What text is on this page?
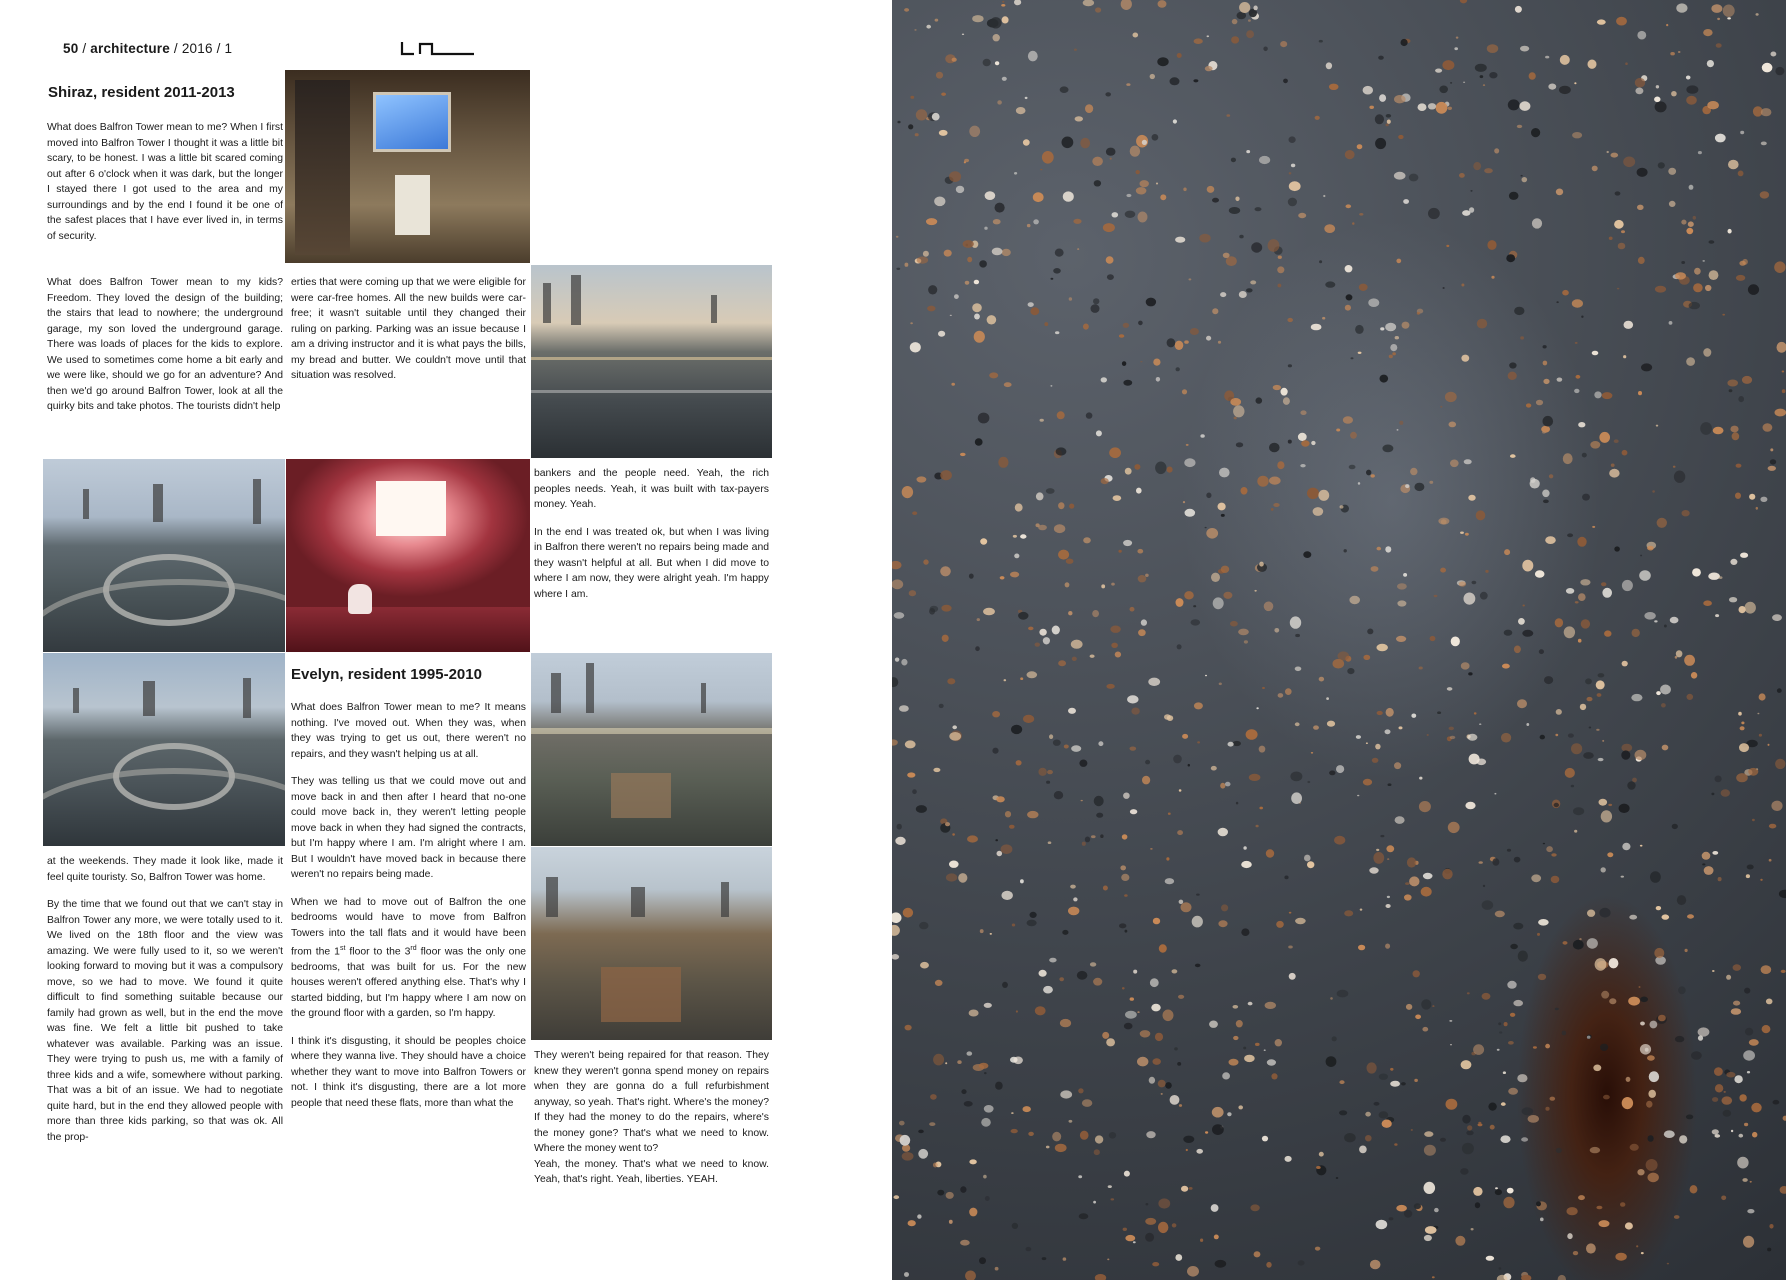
50 / architecture / 2016 / 1
Shiraz, resident 2011-2013

What does Balfron Tower mean to me? When I first moved into Balfron Tower I thought it was a little bit scary, to be honest. I was a little bit scared coming out after 6 o'clock when it was dark, but the longer I stayed there I got used to the area and my surroundings and by the end I found it be one of the safest places that I have ever lived in, in terms of security.

What does Balfron Tower mean to my kids? Freedom. They loved the design of the building; the stairs that lead to nowhere; the underground garage, my son loved the underground garage. There was loads of places for the kids to explore. We used to sometimes come home a bit early and we were like, should we go for an adventure? And then we'd go around Balfron Tower, look at all the quirky bits and take photos. The tourists didn't help

erties that were coming up that we were eligible for were car-free homes. All the new builds were car-free; it wasn't suitable until they changed their ruling on parking. Parking was an issue because I am a driving instructor and it is what pays the bills, my bread and butter. We couldn't move until that situation was resolved.

bankers and the people need. Yeah, the rich peoples needs. Yeah, it was built with tax-payers money. Yeah.

In the end I was treated ok, but when I was living in Balfron there weren't no repairs being made and they wasn't helpful at all. But when I did move to where I am now, they were alright yeah. I'm happy where I am.

Evelyn, resident 1995-2010

What does Balfron Tower mean to me? It means nothing. I've moved out. When they was, when they was trying to get us out, there weren't no repairs, and they wasn't helping us at all.

They was telling us that we could move out and move back in and then after I heard that no-one could move back in, they weren't letting people move back in when they had signed the contracts, but I'm happy where I am. I'm alright where I am. But I wouldn't have moved back in because there weren't no repairs being made.

When we had to move out of Balfron the one bedrooms would have to move from Balfron Towers into the tall flats and it would have been from the 1st floor to the 3rd floor was the only one bedrooms, that was built for us. For the new houses weren't offered anything else. That's why I started bidding, but I'm happy where I am now on the ground floor with a garden, so I'm happy.

I think it's disgusting, it should be peoples choice where they wanna live. They should have a choice whether they want to move into Balfron Towers or not. I think it's disgusting, there are a lot more people that need these flats, more than what the

at the weekends. They made it look like, made it feel quite touristy. So, Balfron Tower was home.

By the time that we found out that we can't stay in Balfron Tower any more, we were totally used to it. We lived on the 18th floor and the view was amazing. We were fully used to it, so we weren't looking forward to moving but it was a compulsory move, so we had to move. We found it quite difficult to find something suitable because our family had grown as well, but in the end the move was fine. We felt a little bit pushed to take whatever was available. Parking was an issue. They were trying to push us, me with a family of three kids and a wife, somewhere without parking. That was a bit of an issue. We had to negotiate quite hard, but in the end they allowed people with more than three kids parking, so that was ok. All the prop-

They weren't being repaired for that reason. They knew they weren't gonna spend money on repairs when they are gonna do a full refurbishment anyway, so yeah. That's right. Where's the money? If they had the money to do the repairs, where's the money gone? That's what we need to know. Where the money went to?

Yeah, the money. That's what we need to know. Yeah, that's right. Yeah, liberties. YEAH.
